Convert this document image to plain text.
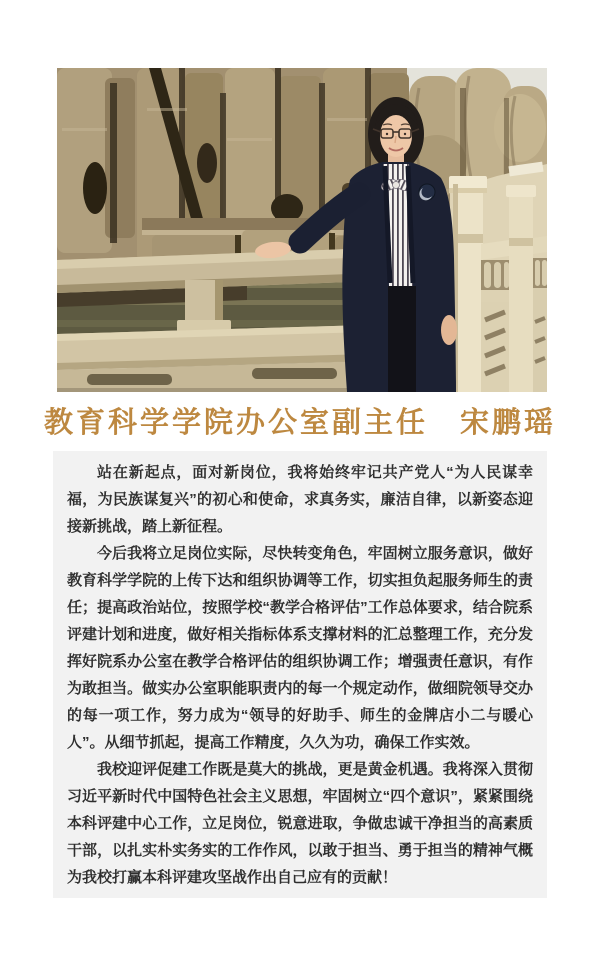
教育科学学院办公室副主任　宋鹏瑶

站在新起点，面对新岗位，我将始终牢记共产党人“为人民谋幸福，为民族谋复兴”的初心和使命，求真务实，廉洁自律，以新姿态迎接新挑战，踏上新征程。

今后我将立足岗位实际，尽快转变角色，牢固树立服务意识，做好教育科学学院的上传下达和组织协调等工作，切实担负起服务师生的责任；提高政治站位，按照学校“教学合格评估”工作总体要求，结合院系评建计划和进度，做好相关指标体系支撑材料的汇总整理工作，充分发挥好院系办公室在教学合格评估的组织协调工作；增强责任意识，有作为敢担当。做实办公室职能职责内的每一个规定动作，做细院领导交办的每一项工作，努力成为“领导的好助手、师生的金牌店小二与暖心人”。从细节抓起，提高工作精度，久久为功，确保工作实效。

我校迎评促建工作既是莫大的挑战，更是黄金机遇。我将深入贯彻习近平新时代中国特色社会主义思想，牢固树立“四个意识”，紧紧围绕本科评建中心工作，立足岗位，锐意进取，争做忠诚干净担当的高素质干部，以扎实朴实务实的工作作风，以敢于担当、勇于担当的精神气概为我校打赢本科评建攻坚战作出自己应有的贡献！
